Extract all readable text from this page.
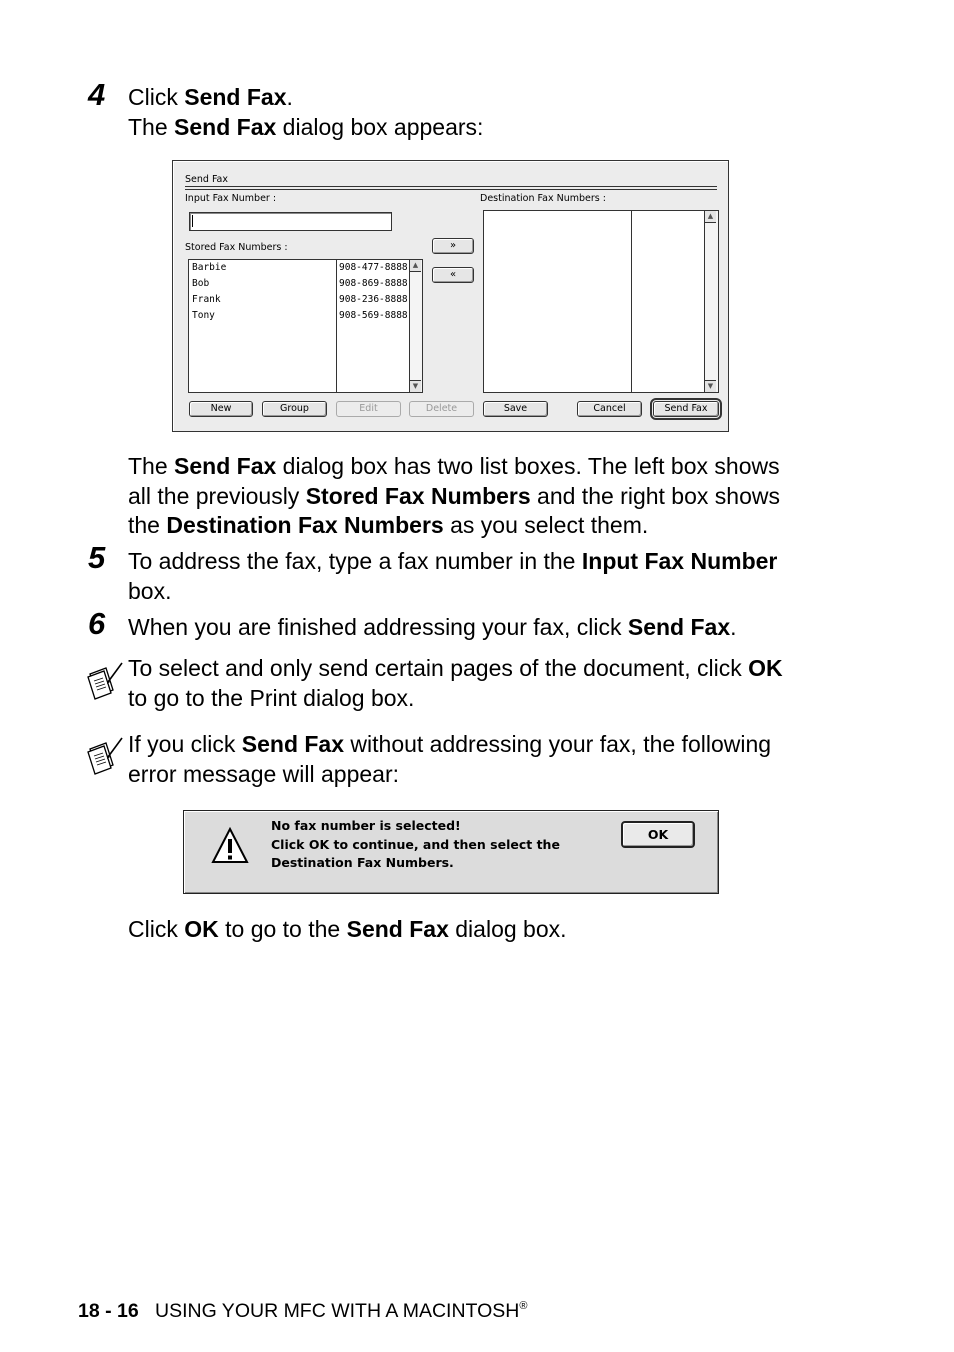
4 Click Send Fax.
The Send Fax dialog box appears:
Send Fax
Input Fax Number :
Stored Fax Numbers :
▲
▼
Barbie	908-477-8888
Bob	908-869-8888
Frank	908-236-8888
Tony	908-569-8888
»
«
Destination Fax Numbers :
▲
▼
New	Group	Edit	Delete	Save	Cancel	Send Fax
The Send Fax dialog box has two list boxes. The left box shows
all the previously Stored Fax Numbers and the right box shows
the Destination Fax Numbers as you select them.
5 To address the fax, type a fax number in the Input Fax Number
box.
6 When you are finished addressing your fax, click Send Fax.
To select and only send certain pages of the document, click OK
to go to the Print dialog box.
If you click Send Fax without addressing your fax, the following
error message will appear:
No fax number is selected!
Click OK to continue, and then select the
Destination Fax Numbers.
OK
Click OK to go to the Send Fax dialog box.
18 - 16 USING YOUR MFC WITH A MACINTOSH®
